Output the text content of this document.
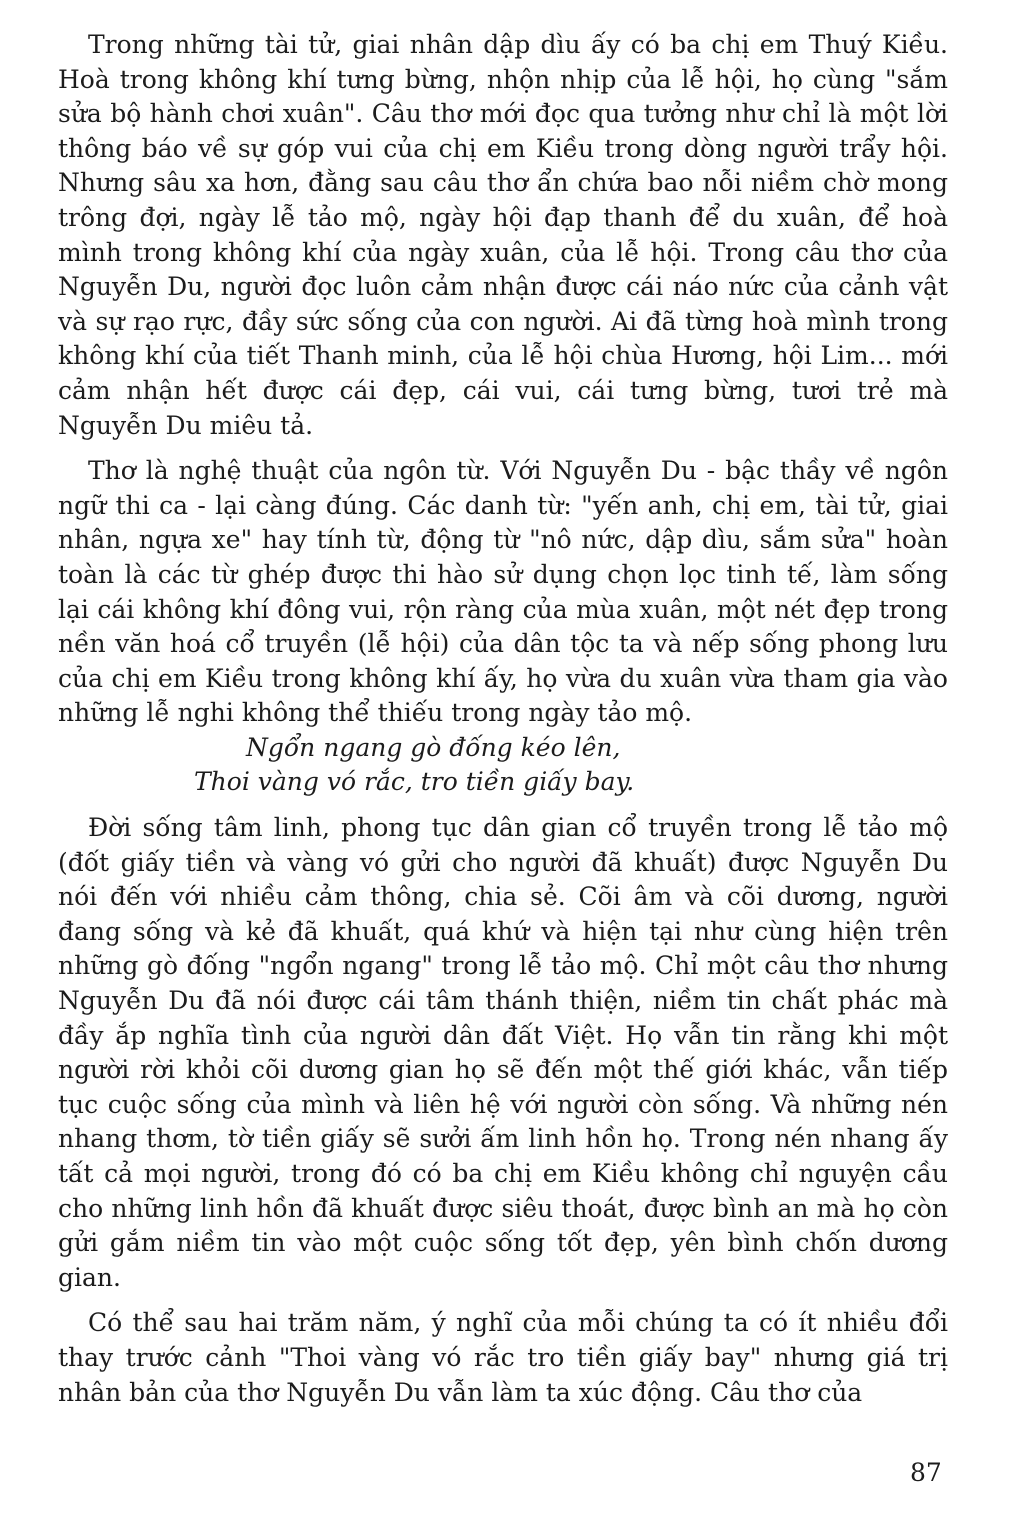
Trong những tài tử, giai nhân dập dìu ấy có ba chị em Thuý Kiều. Hoà trong không khí tưng bừng, nhộn nhịp của lễ hội, họ cùng "sắm sửa bộ hành chơi xuân". Câu thơ mới đọc qua tưởng như chỉ là một lời thông báo về sự góp vui của chị em Kiều trong dòng người trẩy hội. Nhưng sâu xa hơn, đằng sau câu thơ ẩn chứa bao nỗi niềm chờ mong trông đợi, ngày lễ tảo mộ, ngày hội đạp thanh để du xuân, để hoà mình trong không khí của ngày xuân, của lễ hội. Trong câu thơ của Nguyễn Du, người đọc luôn cảm nhận được cái náo nức của cảnh vật và sự rạo rực, đầy sức sống của con người. Ai đã từng hoà mình trong không khí của tiết Thanh minh, của lễ hội chùa Hương, hội Lim... mới cảm nhận hết được cái đẹp, cái vui, cái tưng bừng, tươi trẻ mà Nguyễn Du miêu tả.

Thơ là nghệ thuật của ngôn từ. Với Nguyễn Du - bậc thầy về ngôn ngữ thi ca - lại càng đúng. Các danh từ: "yến anh, chị em, tài tử, giai nhân, ngựa xe" hay tính từ, động từ "nô nức, dập dìu, sắm sửa" hoàn toàn là các từ ghép được thi hào sử dụng chọn lọc tinh tế, làm sống lại cái không khí đông vui, rộn ràng của mùa xuân, một nét đẹp trong nền văn hoá cổ truyền (lễ hội) của dân tộc ta và nếp sống phong lưu của chị em Kiều trong không khí ấy, họ vừa du xuân vừa tham gia vào những lễ nghi không thể thiếu trong ngày tảo mộ.

Ngổn ngang gò đống kéo lên,

Thoi vàng vó rắc, tro tiền giấy bay.

Đời sống tâm linh, phong tục dân gian cổ truyền trong lễ tảo mộ (đốt giấy tiền và vàng vó gửi cho người đã khuất) được Nguyễn Du nói đến với nhiều cảm thông, chia sẻ. Cõi âm và cõi dương, người đang sống và kẻ đã khuất, quá khứ và hiện tại như cùng hiện trên những gò đống "ngổn ngang" trong lễ tảo mộ. Chỉ một câu thơ nhưng Nguyễn Du đã nói được cái tâm thánh thiện, niềm tin chất phác mà đầy ắp nghĩa tình của người dân đất Việt. Họ vẫn tin rằng khi một người rời khỏi cõi dương gian họ sẽ đến một thế giới khác, vẫn tiếp tục cuộc sống của mình và liên hệ với người còn sống. Và những nén nhang thơm, tờ tiền giấy sẽ sưởi ấm linh hồn họ. Trong nén nhang ấy tất cả mọi người, trong đó có ba chị em Kiều không chỉ nguyện cầu cho những linh hồn đã khuất được siêu thoát, được bình an mà họ còn gửi gắm niềm tin vào một cuộc sống tốt đẹp, yên bình chốn dương gian.

Có thể sau hai trăm năm, ý nghĩ của mỗi chúng ta có ít nhiều đổi thay trước cảnh "Thoi vàng vó rắc tro tiền giấy bay" nhưng giá trị nhân bản của thơ Nguyễn Du vẫn làm ta xúc động. Câu thơ của

87
